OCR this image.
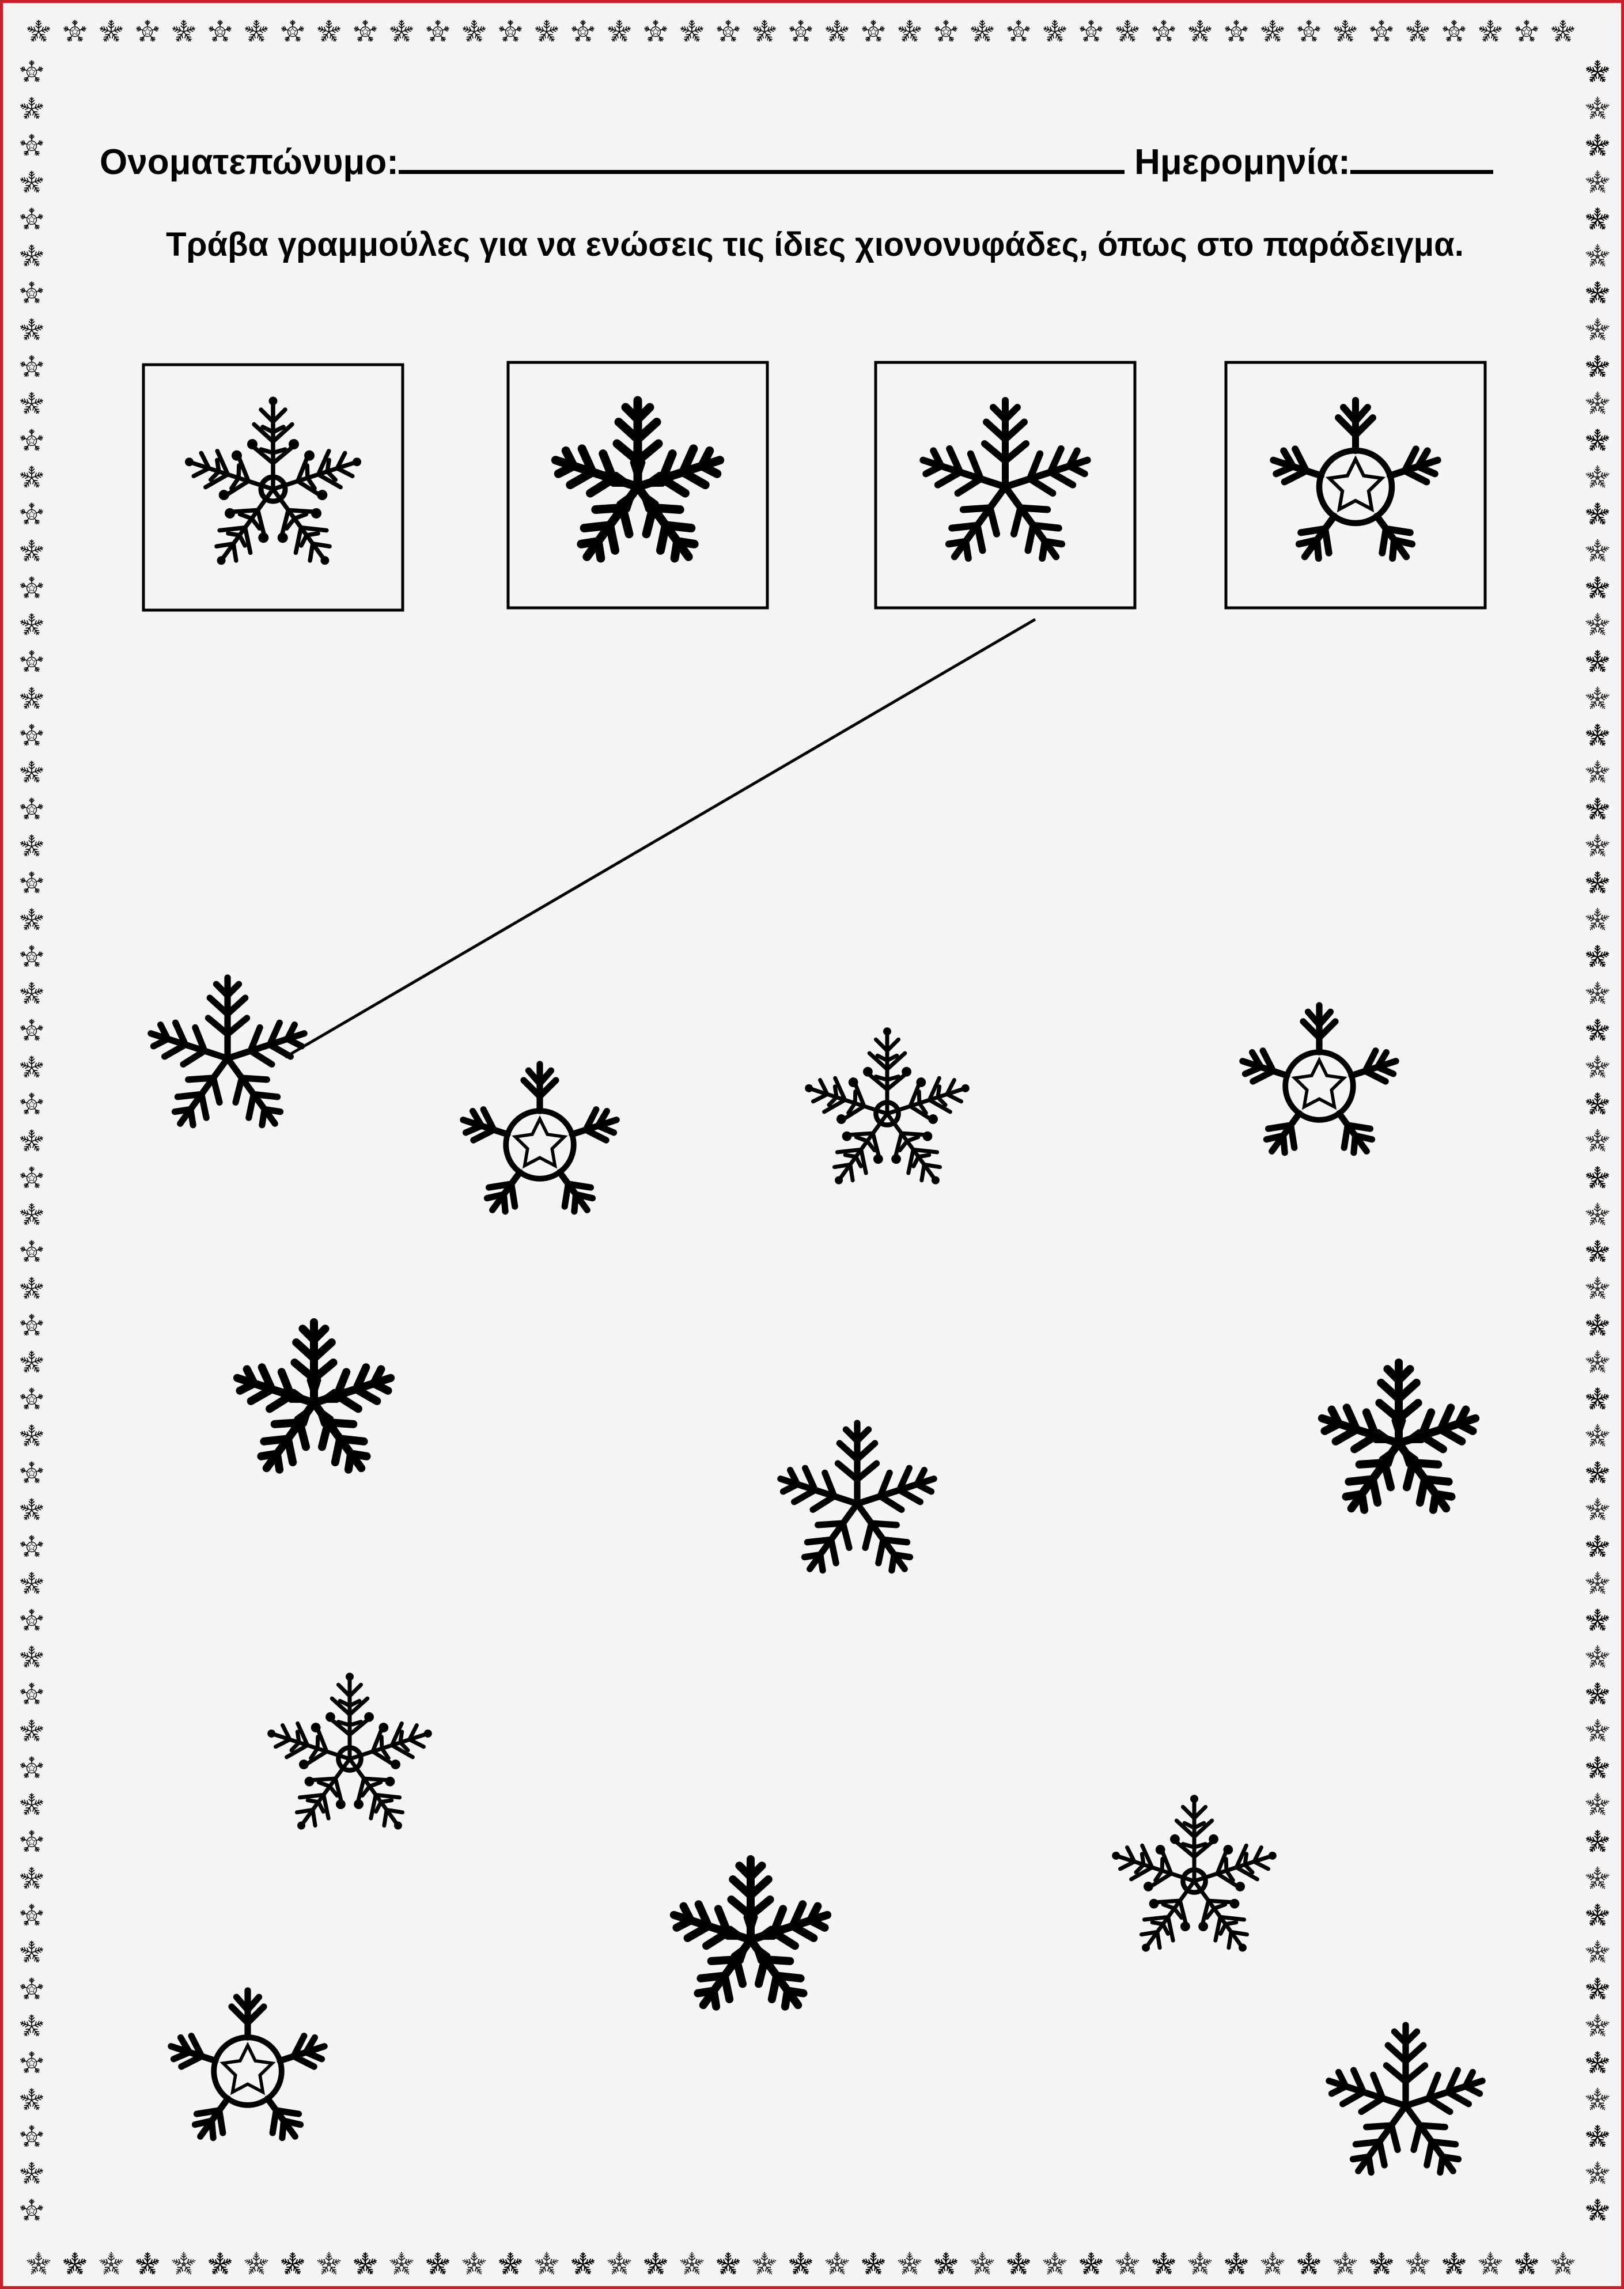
Ονοματεπώνυμο:	Ημερομηνία:
Τράβα γραμμούλες για να ενώσεις τις ίδιες χιονονυφάδες, όπως στο παράδειγμα.
